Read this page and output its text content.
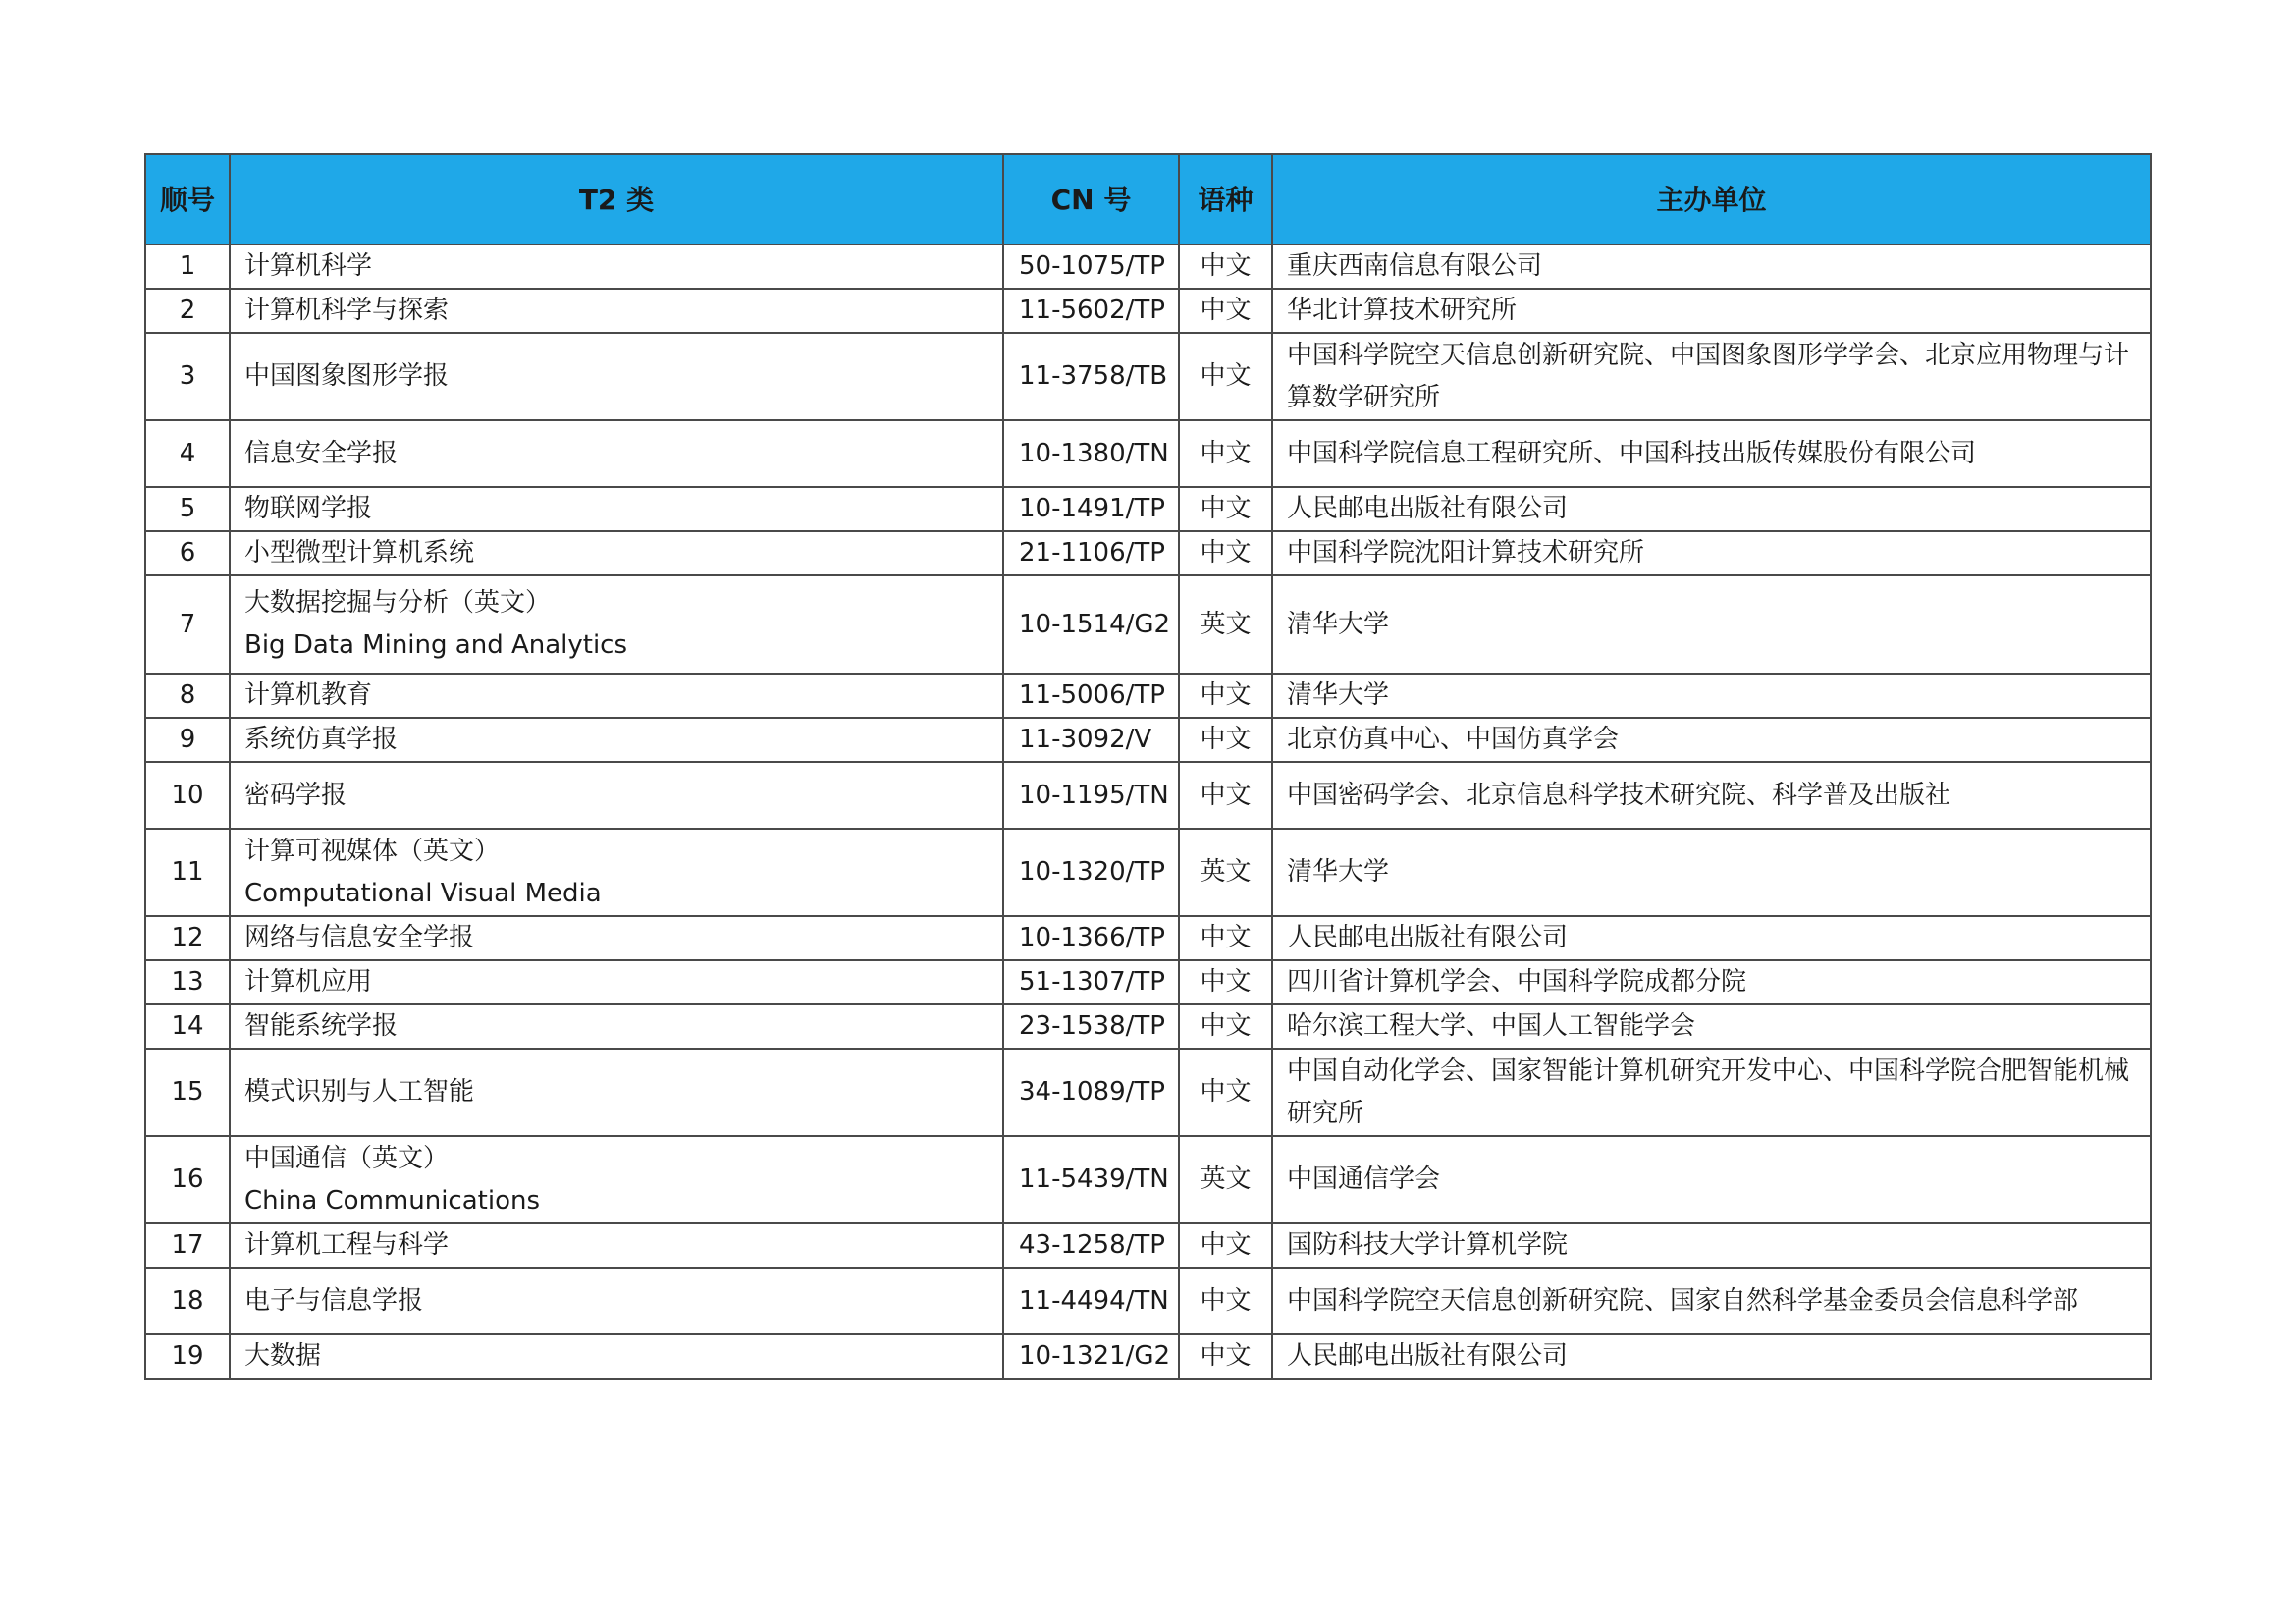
顺号	T2 类	CN 号	语种	主办单位
1	计算机科学	50-1075/TP	中文	重庆西南信息有限公司
2	计算机科学与探索	11-5602/TP	中文	华北计算技术研究所
3	中国图象图形学报	11-3758/TB	中文	中国科学院空天信息创新研究院、中国图象图形学学会、北京应用物理与计算数学研究所
4	信息安全学报	10-1380/TN	中文	中国科学院信息工程研究所、中国科技出版传媒股份有限公司
5	物联网学报	10-1491/TP	中文	人民邮电出版社有限公司
6	小型微型计算机系统	21-1106/TP	中文	中国科学院沈阳计算技术研究所
7	大数据挖掘与分析（英文）
Big Data Mining and Analytics	10-1514/G2	英文	清华大学
8	计算机教育	11-5006/TP	中文	清华大学
9	系统仿真学报	11-3092/V	中文	北京仿真中心、中国仿真学会
10	密码学报	10-1195/TN	中文	中国密码学会、北京信息科学技术研究院、科学普及出版社
11	计算可视媒体（英文）
Computational Visual Media	10-1320/TP	英文	清华大学
12	网络与信息安全学报	10-1366/TP	中文	人民邮电出版社有限公司
13	计算机应用	51-1307/TP	中文	四川省计算机学会、中国科学院成都分院
14	智能系统学报	23-1538/TP	中文	哈尔滨工程大学、中国人工智能学会
15	模式识别与人工智能	34-1089/TP	中文	中国自动化学会、国家智能计算机研究开发中心、中国科学院合肥智能机械研究所
16	中国通信（英文）
China Communications	11-5439/TN	英文	中国通信学会
17	计算机工程与科学	43-1258/TP	中文	国防科技大学计算机学院
18	电子与信息学报	11-4494/TN	中文	中国科学院空天信息创新研究院、国家自然科学基金委员会信息科学部
19	大数据	10-1321/G2	中文	人民邮电出版社有限公司
